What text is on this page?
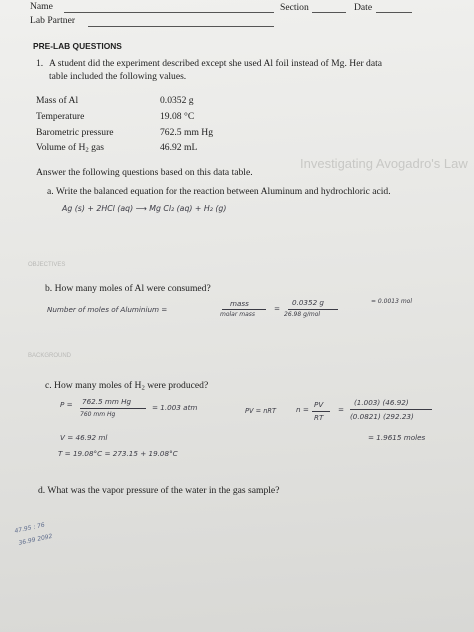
Investigating Avogadro's Law
OBJECTIVES
BACKGROUND
Name	Section	Date
Lab Partner
PRE-LAB QUESTIONS
1. A student did the experiment described except she used Al foil instead of Mg. Her data
table included the following values.
Mass of Al	0.0352 g
Temperature	19.08 °C
Barometric pressure	762.5 mm Hg
Volume of $H_2$ gas	46.92 mL
Answer the following questions based on this data table.
a. Write the balanced equation for the reaction between Aluminum and hydrochloric acid.
Ag (s) + 2HCl (aq) ⟶ Mg Cl₂ (aq) + H₂ (g)
b. How many moles of Al were consumed?
Number of moles of Aluminium =
mass
molar mass
=
0.0352 g
26.98 g/mol
= 0.0013 mol
c. How many moles of $H_2$ were produced?
P = 762.5 mm Hg
760 mm Hg
= 1.003 atm	PV = nRT	n =
PV
RT
=
(1.003) (46.92)
(0.0821) (292.23)
V = 46.92 ml	= 1.9615 moles
T = 19.08°C = 273.15 + 19.08°C
d. What was the vapor pressure of the water in the gas sample?
47.95 : 76
36.99 2092
